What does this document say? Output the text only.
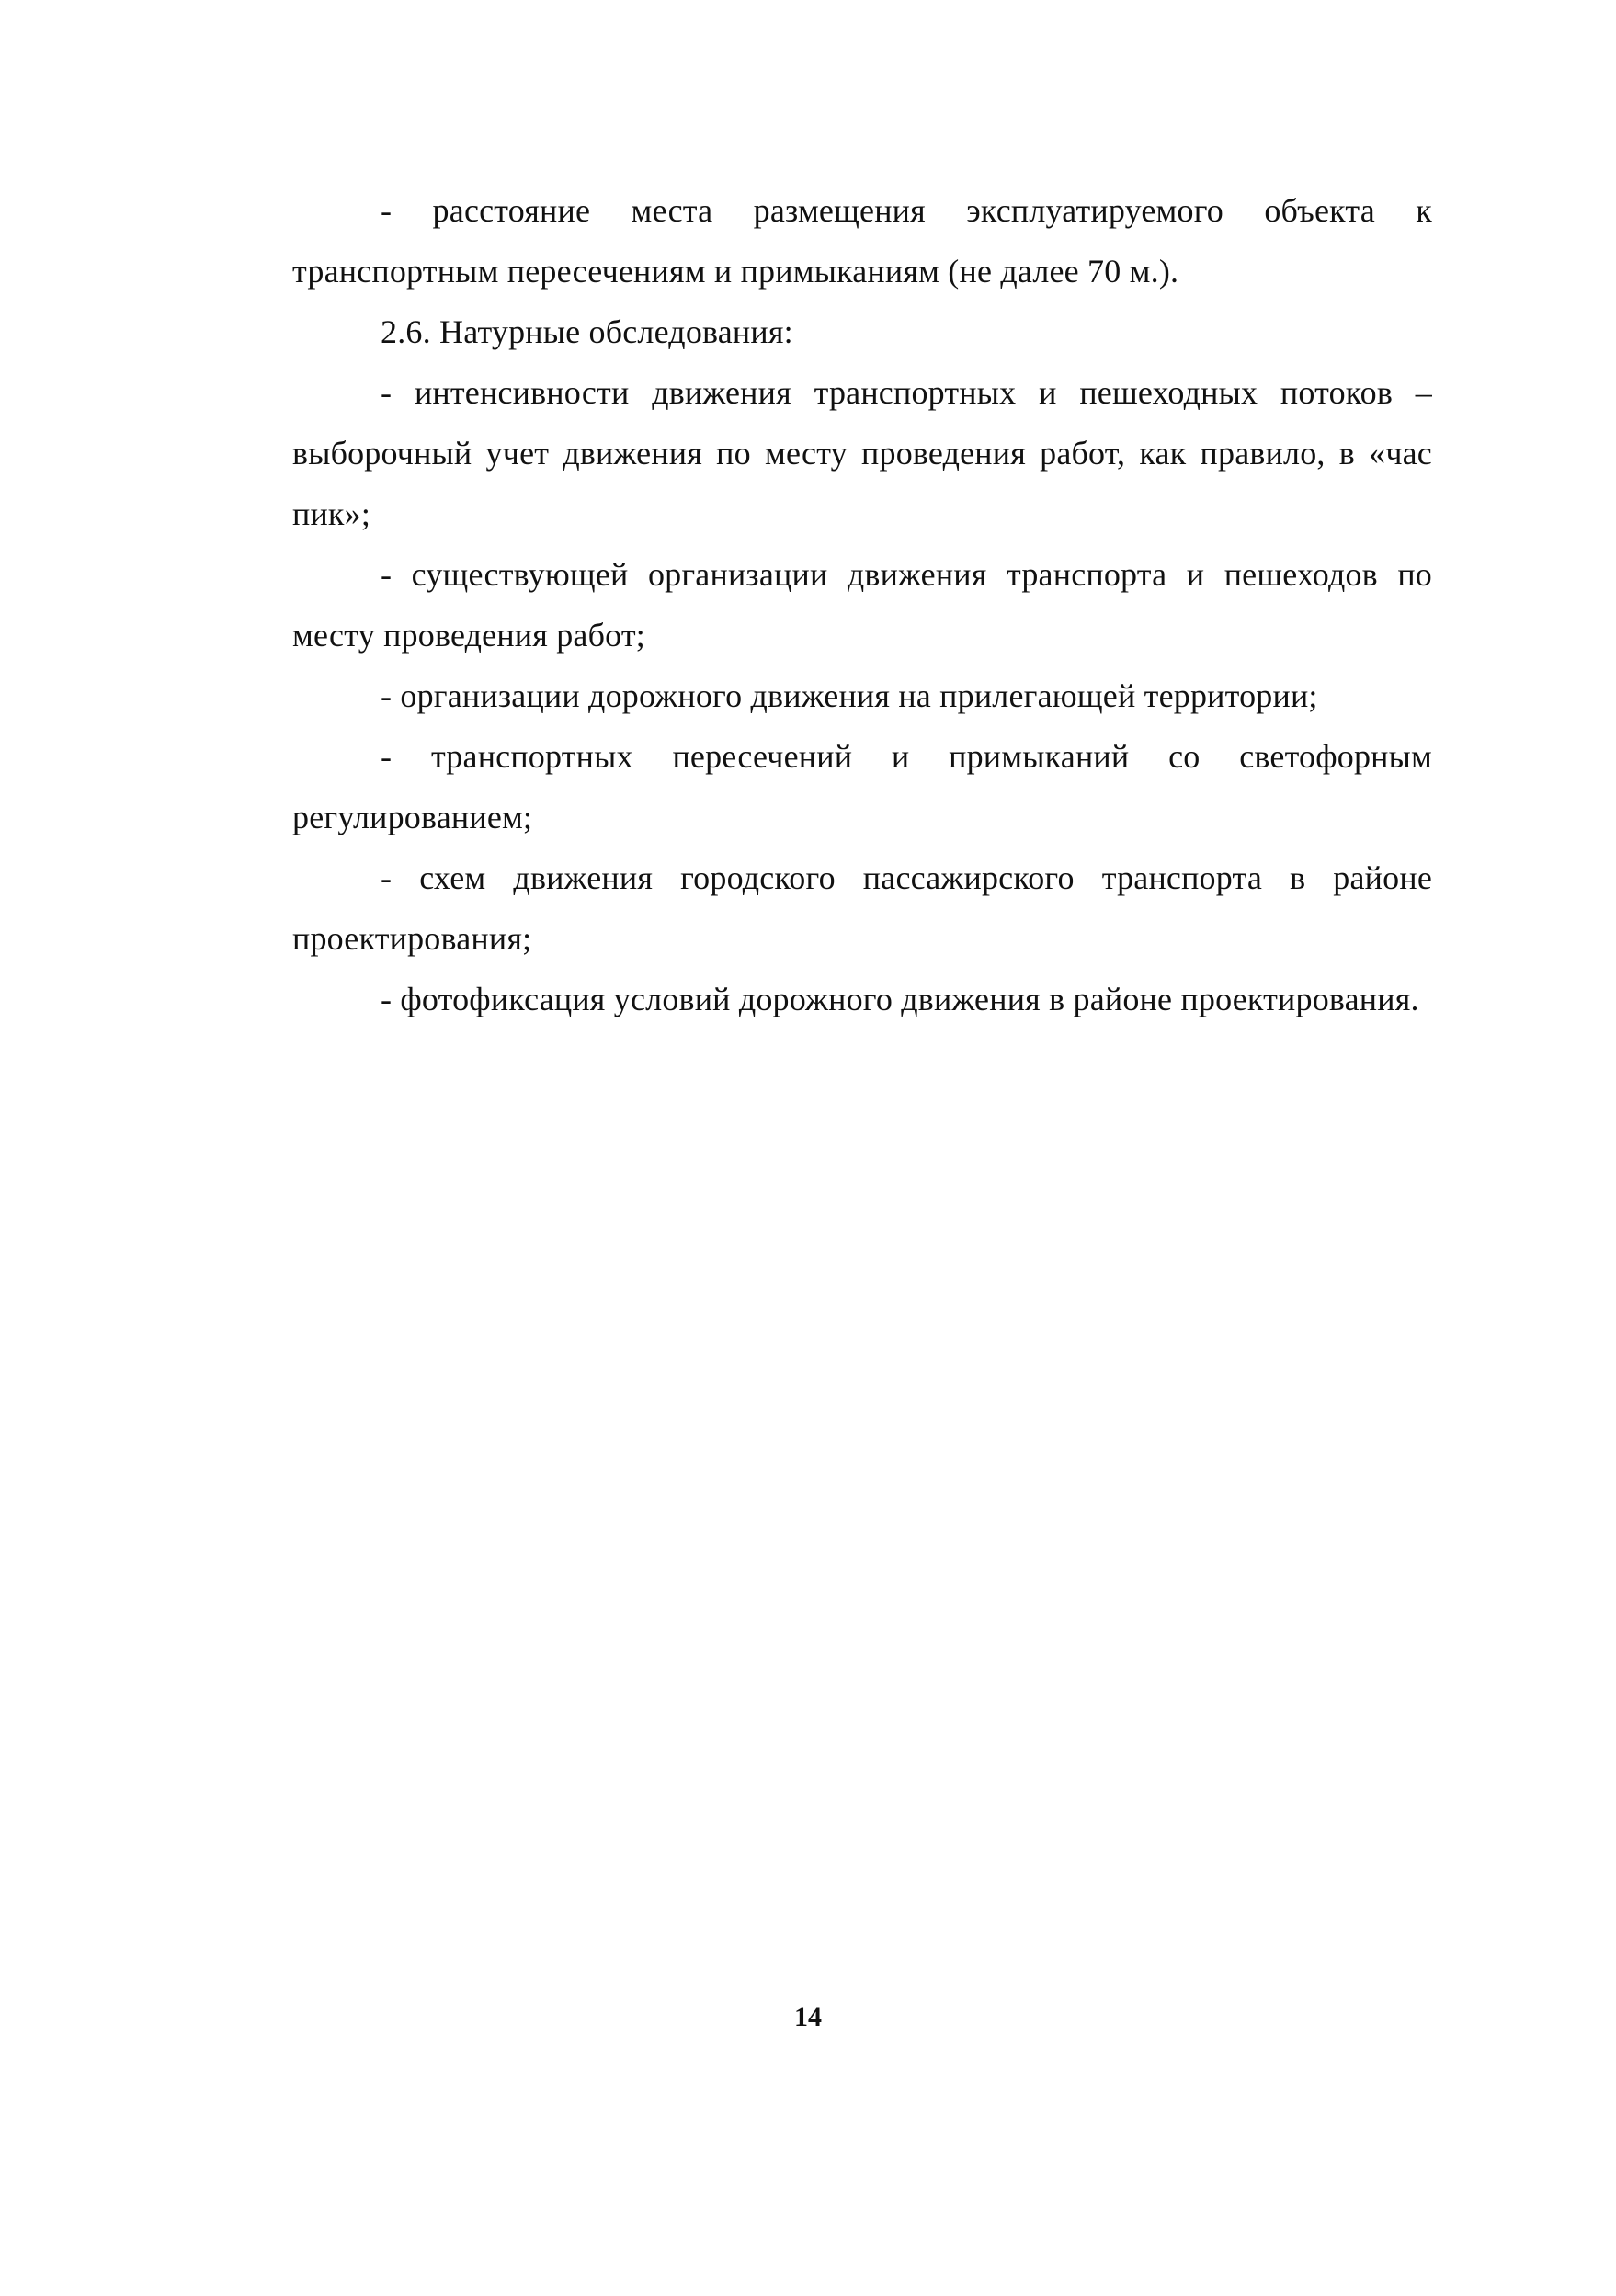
- расстояние места размещения эксплуатируемого объекта к транспортным пересечениям и примыканиям (не далее 70 м.).

2.6. Натурные обследования:

- интенсивности движения транспортных и пешеходных потоков – выборочный учет движения по месту проведения работ, как правило, в «час пик»;

- существующей организации движения транспорта и пешеходов по месту проведения работ;

- организации дорожного движения на прилегающей территории;

- транспортных пересечений и примыканий со светофорным регулированием;

- схем движения городского пассажирского транспорта в районе проектирования;

- фотофиксация условий дорожного движения в районе проектирования.

14
